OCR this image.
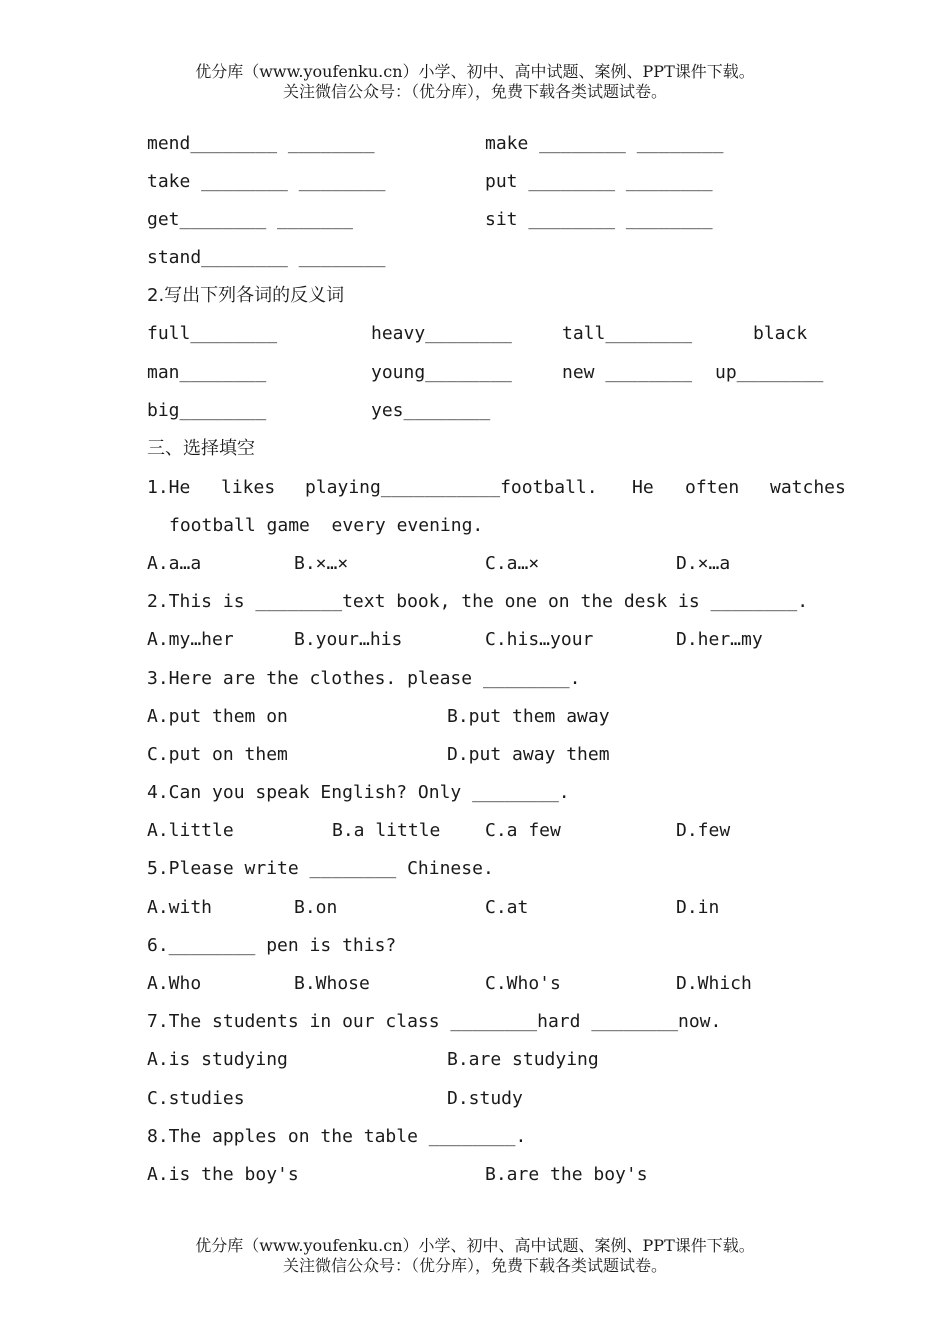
优分库（www.youfenku.cn）小学、初中、高中试题、案例、PPT课件下载。
关注微信公众号：（优分库），免费下载各类试题试卷。
mend________ ________	make ________ ________
take ________ ________	put ________ ________
get________ _______	sit ________ ________
stand________ ________
2.写出下列各词的反义词
full________	heavy________	tall________	black
man________	young________	new ________ up________
big________	yes________
三、选择填空
1.He likes playing___________football. He often watches
football game  every evening.
A.a…a	B.×…×	C.a…×	D.×…a
2.This is ________text book, the one on the desk is ________.
A.my…her	B.your…his	C.his…your	D.her…my
3.Here are the clothes. please ________.
A.put them on	B.put them away
C.put on them	D.put away them
4.Can you speak English? Only ________.
A.little	B.a little C.a few	D.few
5.Please write ________ Chinese.
A.with	B.on	C.at	D.in
6.________ pen is this?
A.Who	B.Whose	C.Who's	D.Which
7.The students in our class ________hard ________now.
A.is studying	B.are studying
C.studies	D.study
8.The apples on the table ________.
A.is the boy's	B.are the boy's
优分库（www.youfenku.cn）小学、初中、高中试题、案例、PPT课件下载。
关注微信公众号：（优分库），免费下载各类试题试卷。
